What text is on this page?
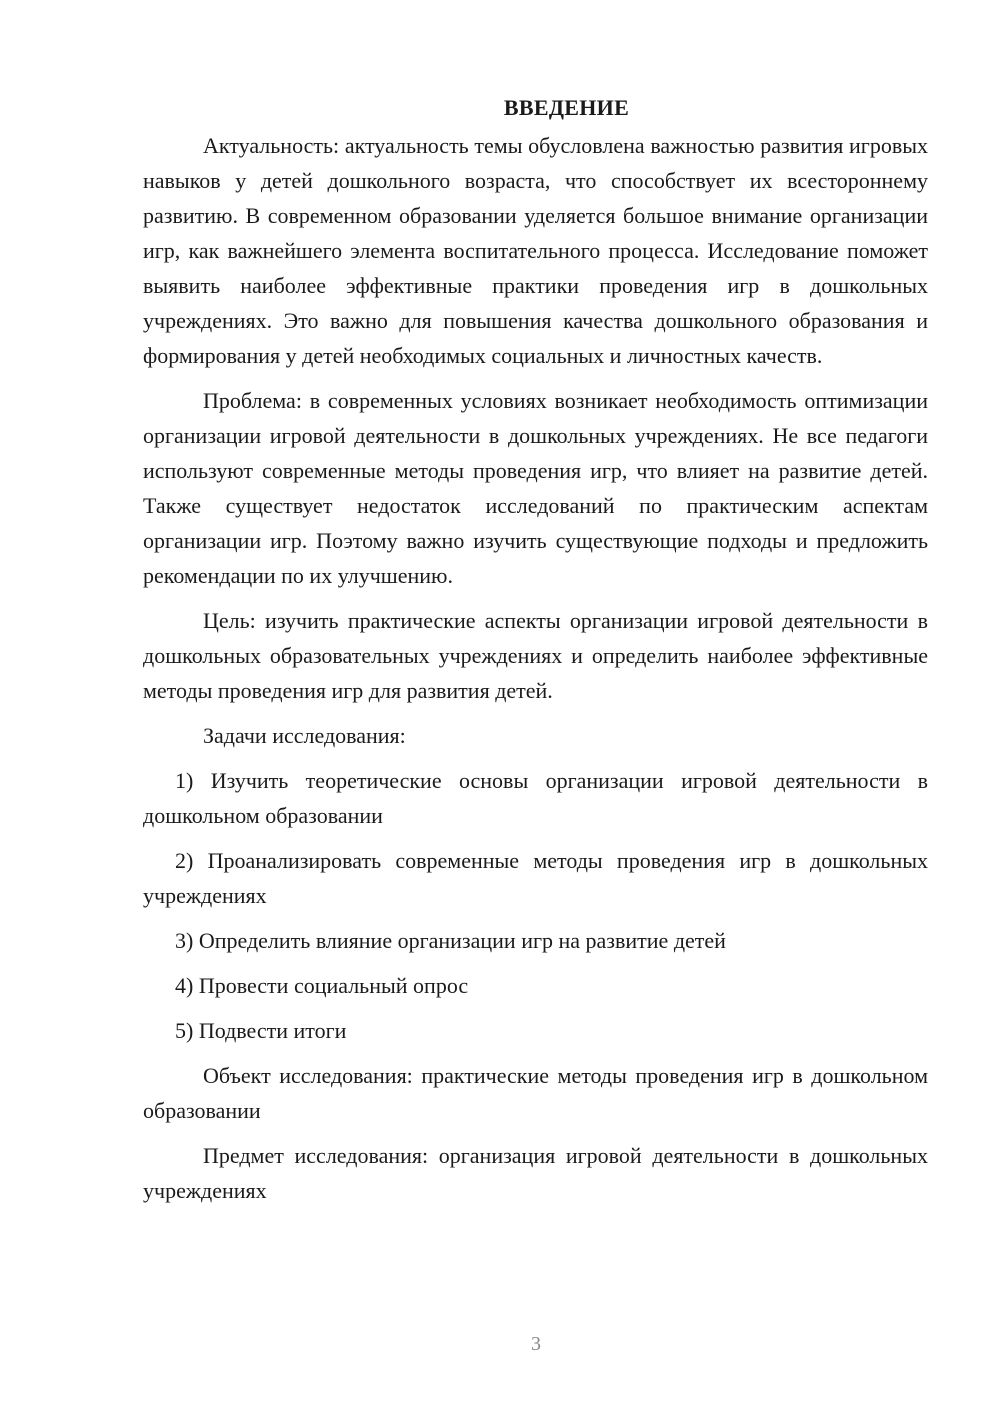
ВВЕДЕНИЕ

Актуальность: актуальность темы обусловлена важностью развития игровых навыков у детей дошкольного возраста, что способствует их всестороннему развитию. В современном образовании уделяется большое внимание организации игр, как важнейшего элемента воспитательного процесса. Исследование поможет выявить наиболее эффективные практики проведения игр в дошкольных учреждениях. Это важно для повышения качества дошкольного образования и формирования у детей необходимых социальных и личностных качеств.

Проблема: в современных условиях возникает необходимость оптимизации организации игровой деятельности в дошкольных учреждениях. Не все педагоги используют современные методы проведения игр, что влияет на развитие детей. Также существует недостаток исследований по практическим аспектам организации игр. Поэтому важно изучить существующие подходы и предложить рекомендации по их улучшению.

Цель: изучить практические аспекты организации игровой деятельности в дошкольных образовательных учреждениях и определить наиболее эффективные методы проведения игр для развития детей.

Задачи исследования:

1) Изучить теоретические основы организации игровой деятельности в дошкольном образовании

2) Проанализировать современные методы проведения игр в дошкольных учреждениях

3) Определить влияние организации игр на развитие детей

4) Провести социальный опрос

5) Подвести итоги

Объект исследования: практические методы проведения игр в дошкольном образовании

Предмет исследования: организация игровой деятельности в дошкольных учреждениях

3
